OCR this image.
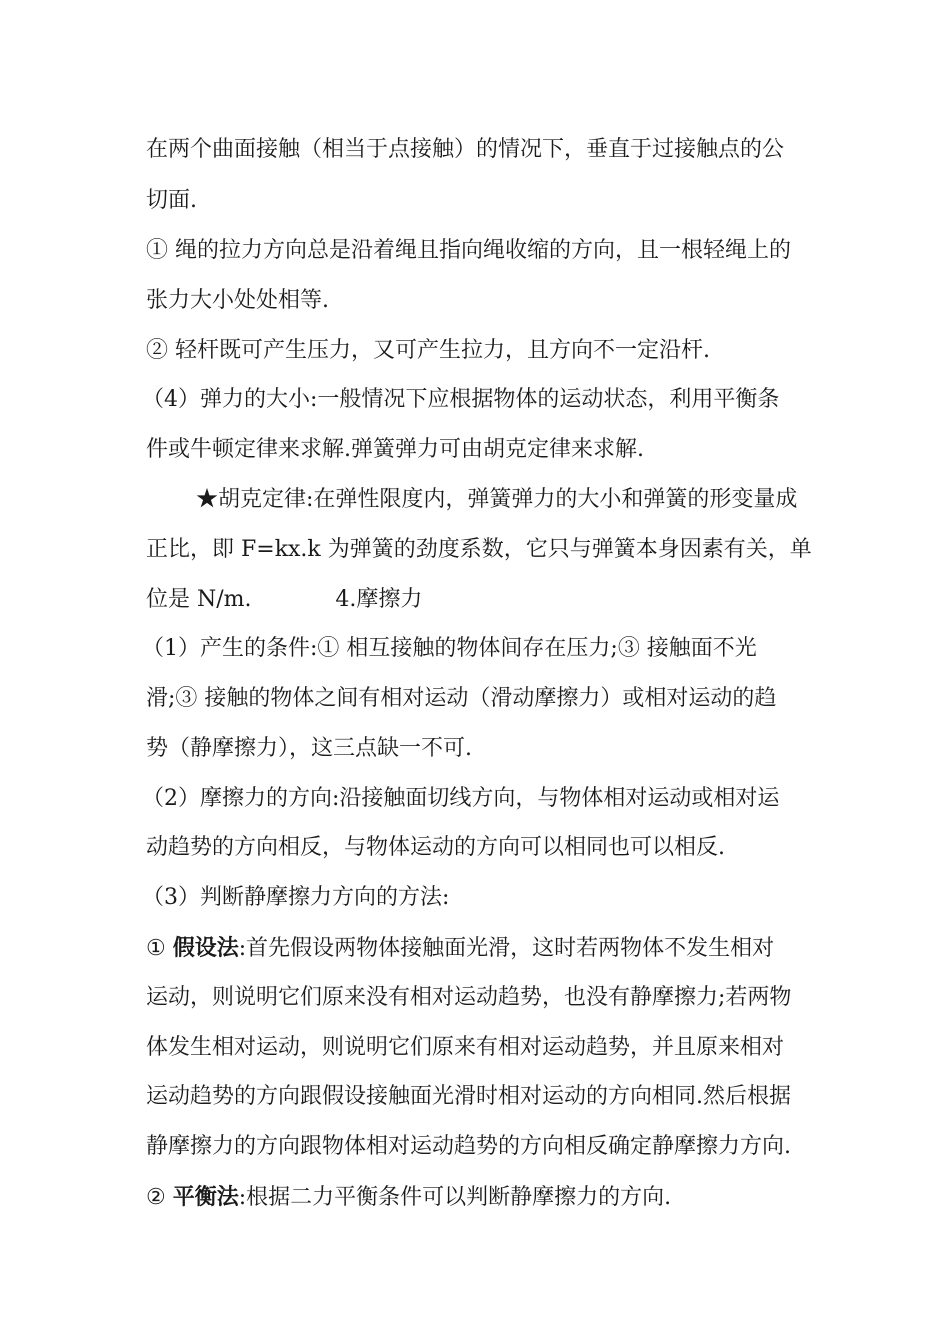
在两个曲面接触（相当于点接触）的情况下，垂直于过接触点的公
切面.
① 绳的拉力方向总是沿着绳且指向绳收缩的方向，且一根轻绳上的
张力大小处处相等.
② 轻杆既可产生压力，又可产生拉力，且方向不一定沿杆.
（4）弹力的大小:一般情况下应根据物体的运动状态，利用平衡条
件或牛顿定律来求解.弹簧弹力可由胡克定律来求解.
★胡克定律:在弹性限度内，弹簧弹力的大小和弹簧的形变量成
正比，即 F=kx.k 为弹簧的劲度系数，它只与弹簧本身因素有关，单
位是 N/m.            4.摩擦力
（1）产生的条件:① 相互接触的物体间存在压力;③ 接触面不光
滑;③ 接触的物体之间有相对运动（滑动摩擦力）或相对运动的趋
势（静摩擦力），这三点缺一不可.
（2）摩擦力的方向:沿接触面切线方向，与物体相对运动或相对运
动趋势的方向相反，与物体运动的方向可以相同也可以相反.
（3）判断静摩擦力方向的方法:
① 假设法:首先假设两物体接触面光滑，这时若两物体不发生相对
运动，则说明它们原来没有相对运动趋势，也没有静摩擦力;若两物
体发生相对运动，则说明它们原来有相对运动趋势，并且原来相对
运动趋势的方向跟假设接触面光滑时相对运动的方向相同.然后根据
静摩擦力的方向跟物体相对运动趋势的方向相反确定静摩擦力方向.
② 平衡法:根据二力平衡条件可以判断静摩擦力的方向.
